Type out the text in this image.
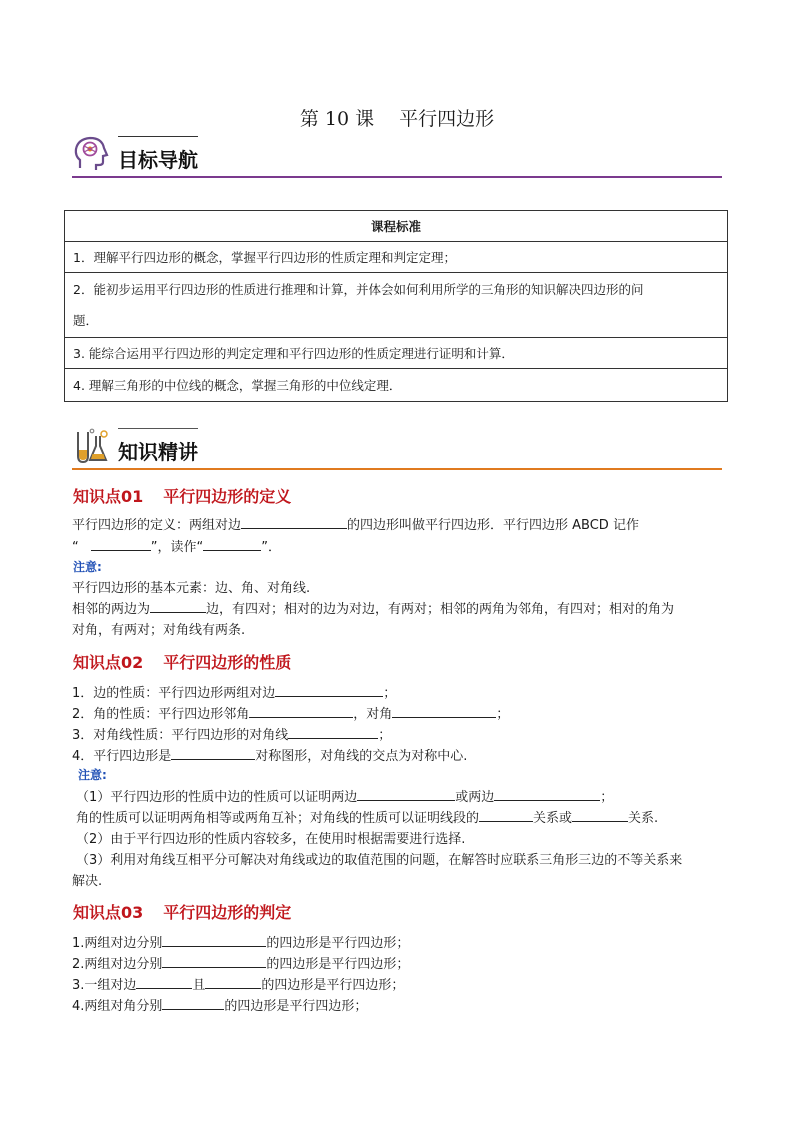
第 10 课　 平行四边形
目标导航
课程标准
1．理解平行四边形的概念，掌握平行四边形的性质定理和判定定理；

2．能初步运用平行四边形的性质进行推理和计算，并体会如何利用所学的三角形的知识解决四边形的问
题．

3. 能综合运用平行四边形的判定定理和平行四边形的性质定理进行证明和计算．
4. 理解三角形的中位线的概念，掌握三角形的中位线定理．
知识精讲
知识点01 平行四边形的定义
平行四边形的定义：两组对边	的四边形叫做平行四边形．平行四边形 ABCD 记作
“	”，读作“	”．
注意:
平行四边形的基本元素：边、角、对角线.
相邻的两边为	边，有四对；相对的边为对边，有两对；相邻的两角为邻角，有四对；相对的角为
对角，有两对；对角线有两条.
知识点02 平行四边形的性质
1．边的性质：平行四边形两组对边	；
2．角的性质：平行四边形邻角	，对角	；
3．对角线性质：平行四边形的对角线	；
4．平行四边形是	对称图形，对角线的交点为对称中心.
注意:
（1）平行四边形的性质中边的性质可以证明两边	或两边	；
角的性质可以证明两角相等或两角互补；对角线的性质可以证明线段的	关系或	关系.
（2）由于平行四边形的性质内容较多，在使用时根据需要进行选择.
（3）利用对角线互相平分可解决对角线或边的取值范围的问题，在解答时应联系三角形三边的不等关系来
解决.
知识点03 平行四边形的判定
1.两组对边分别	的四边形是平行四边形；
2.两组对边分别	的四边形是平行四边形；
3.一组对边	且	的四边形是平行四边形；
4.两组对角分别	的四边形是平行四边形；
